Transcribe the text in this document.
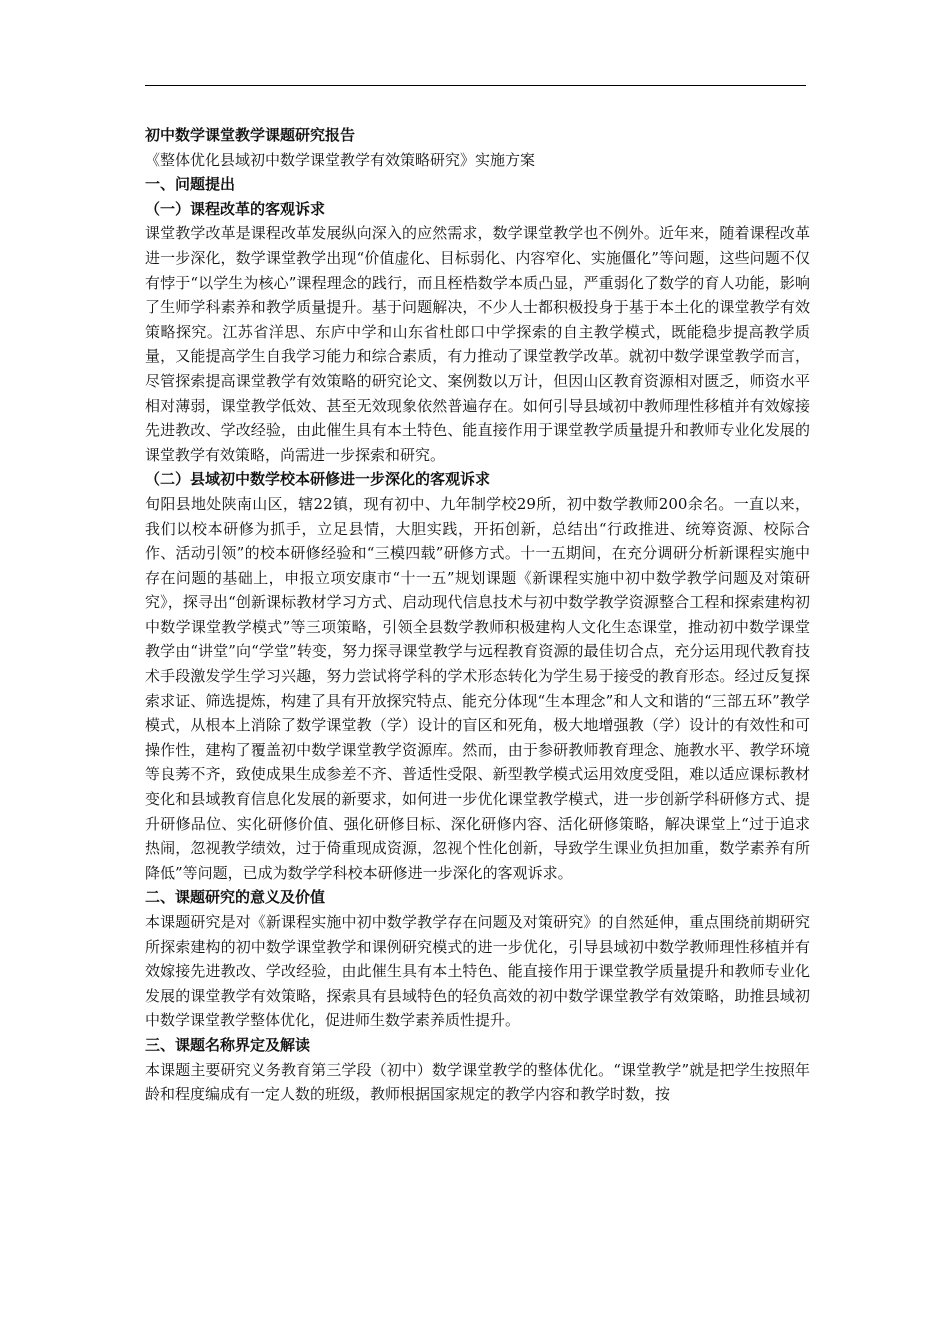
初中数学课堂教学课题研究报告

《整体优化县域初中数学课堂教学有效策略研究》实施方案

一、问题提出

（一）课程改革的客观诉求

课堂教学改革是课程改革发展纵向深入的应然需求，数学课堂教学也不例外。近年来，随着课程改革进一步深化，数学课堂教学出现“价值虚化、目标弱化、内容窄化、实施僵化”等问题，这些问题不仅有悖于“以学生为核心”课程理念的践行，而且桎梏数学本质凸显，严重弱化了数学的育人功能，影响了生师学科素养和教学质量提升。基于问题解决，不少人士都积极投身于基于本土化的课堂教学有效策略探究。江苏省洋思、东庐中学和山东省杜郎口中学探索的自主教学模式，既能稳步提高教学质量，又能提高学生自我学习能力和综合素质，有力推动了课堂教学改革。就初中数学课堂教学而言，尽管探索提高课堂教学有效策略的研究论文、案例数以万计，但因山区教育资源相对匮乏，师资水平相对薄弱，课堂教学低效、甚至无效现象依然普遍存在。如何引导县域初中教师理性移植并有效嫁接先进教改、学改经验，由此催生具有本土特色、能直接作用于课堂教学质量提升和教师专业化发展的课堂教学有效策略，尚需进一步探索和研究。

（二）县域初中数学校本研修进一步深化的客观诉求

旬阳县地处陕南山区，辖22镇，现有初中、九年制学校29所，初中数学教师200余名。一直以来，我们以校本研修为抓手，立足县情，大胆实践，开拓创新，总结出“行政推进、统筹资源、校际合作、活动引领”的校本研修经验和“三模四载”研修方式。十一五期间，在充分调研分析新课程实施中存在问题的基础上，申报立项安康市“十一五”规划课题《新课程实施中初中数学教学问题及对策研究》，探寻出“创新课标教材学习方式、启动现代信息技术与初中数学教学资源整合工程和探索建构初中数学课堂教学模式”等三项策略，引领全县数学教师积极建构人文化生态课堂，推动初中数学课堂教学由“讲堂”向“学堂”转变，努力探寻课堂教学与远程教育资源的最佳切合点，充分运用现代教育技术手段激发学生学习兴趣，努力尝试将学科的学术形态转化为学生易于接受的教育形态。经过反复探索求证、筛选提炼，构建了具有开放探究特点、能充分体现“生本理念”和人文和谐的“三部五环”教学模式，从根本上消除了数学课堂教（学）设计的盲区和死角，极大地增强教（学）设计的有效性和可操作性，建构了覆盖初中数学课堂教学资源库。然而，由于参研教师教育理念、施教水平、教学环境等良莠不齐，致使成果生成参差不齐、普适性受限、新型教学模式运用效度受阻，难以适应课标教材变化和县域教育信息化发展的新要求，如何进一步优化课堂教学模式，进一步创新学科研修方式、提升研修品位、实化研修价值、强化研修目标、深化研修内容、活化研修策略，解决课堂上“过于追求热闹，忽视教学绩效，过于倚重现成资源，忽视个性化创新，导致学生课业负担加重，数学素养有所降低”等问题，已成为数学学科校本研修进一步深化的客观诉求。

二、课题研究的意义及价值

本课题研究是对《新课程实施中初中数学教学存在问题及对策研究》的自然延伸，重点围绕前期研究所探索建构的初中数学课堂教学和课例研究模式的进一步优化，引导县域初中数学教师理性移植并有效嫁接先进教改、学改经验，由此催生具有本土特色、能直接作用于课堂教学质量提升和教师专业化发展的课堂教学有效策略，探索具有县域特色的轻负高效的初中数学课堂教学有效策略，助推县域初中数学课堂教学整体优化，促进师生数学素养质性提升。

三、课题名称界定及解读

本课题主要研究义务教育第三学段（初中）数学课堂教学的整体优化。“课堂教学”就是把学生按照年龄和程度编成有一定人数的班级，教师根据国家规定的教学内容和教学时数，按
